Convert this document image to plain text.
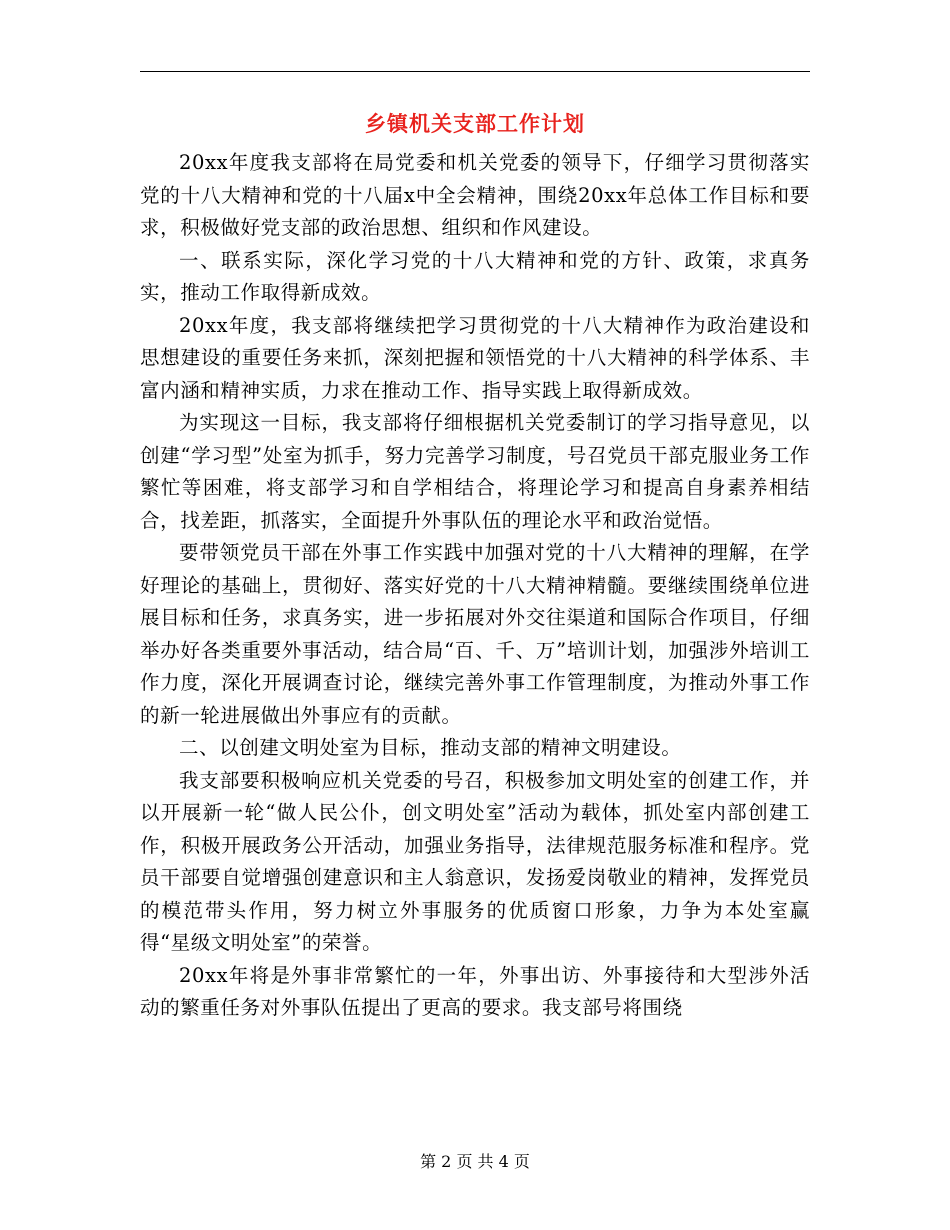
乡镇机关支部工作计划

20xx年度我支部将在局党委和机关党委的领导下，仔细学习贯彻落实党的十八大精神和党的十八届x中全会精神，围绕20xx年总体工作目标和要求，积极做好党支部的政治思想、组织和作风建设。

一、联系实际，深化学习党的十八大精神和党的方针、政策，求真务实，推动工作取得新成效。

20xx年度，我支部将继续把学习贯彻党的十八大精神作为政治建设和思想建设的重要任务来抓，深刻把握和领悟党的十八大精神的科学体系、丰富内涵和精神实质，力求在推动工作、指导实践上取得新成效。

为实现这一目标，我支部将仔细根据机关党委制订的学习指导意见，以创建“学习型”处室为抓手，努力完善学习制度，号召党员干部克服业务工作繁忙等困难，将支部学习和自学相结合，将理论学习和提高自身素养相结合，找差距，抓落实，全面提升外事队伍的理论水平和政治觉悟。

要带领党员干部在外事工作实践中加强对党的十八大精神的理解，在学好理论的基础上，贯彻好、落实好党的十八大精神精髓。要继续围绕单位进展目标和任务，求真务实，进一步拓展对外交往渠道和国际合作项目，仔细举办好各类重要外事活动，结合局“百、千、万”培训计划，加强涉外培训工作力度，深化开展调查讨论，继续完善外事工作管理制度，为推动外事工作的新一轮进展做出外事应有的贡献。

二、以创建文明处室为目标，推动支部的精神文明建设。

我支部要积极响应机关党委的号召，积极参加文明处室的创建工作，并以开展新一轮“做人民公仆，创文明处室”活动为载体，抓处室内部创建工作，积极开展政务公开活动，加强业务指导，法律规范服务标准和程序。党员干部要自觉增强创建意识和主人翁意识，发扬爱岗敬业的精神，发挥党员的模范带头作用，努力树立外事服务的优质窗口形象，力争为本处室赢得“星级文明处室”的荣誉。

20xx年将是外事非常繁忙的一年，外事出访、外事接待和大型涉外活动的繁重任务对外事队伍提出了更高的要求。我支部号将围绕

第 2 页 共 4 页
